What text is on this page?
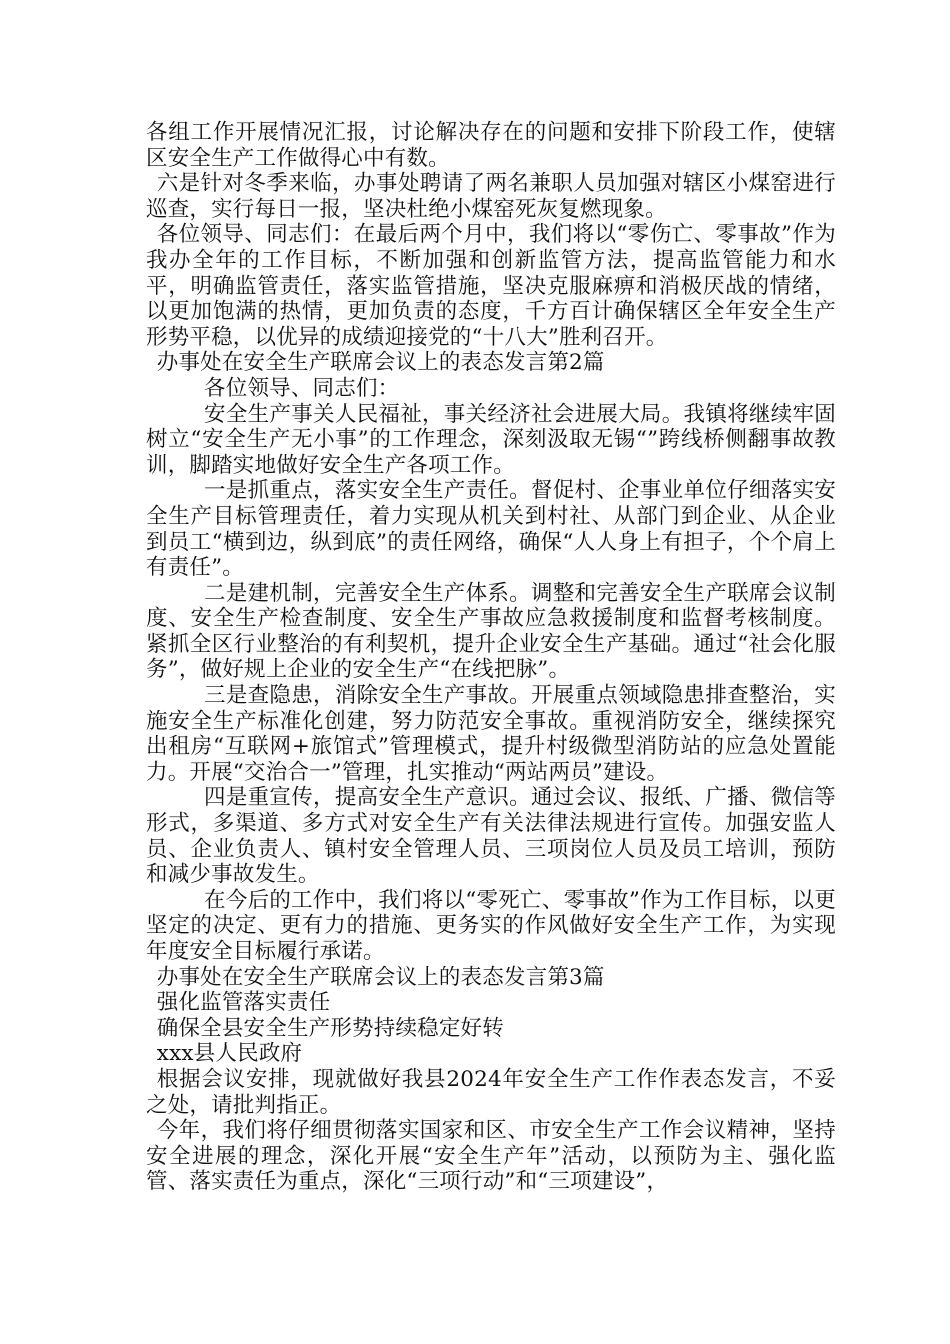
各组工作开展情况汇报，讨论解决存在的问题和安排下阶段工作，使辖区安全生产工作做得心中有数。

六是针对冬季来临，办事处聘请了两名兼职人员加强对辖区小煤窑进行巡查，实行每日一报，坚决杜绝小煤窑死灰复燃现象。

各位领导、同志们：在最后两个月中，我们将以“零伤亡、零事故”作为我办全年的工作目标，不断加强和创新监管方法，提高监管能力和水平，明确监管责任，落实监管措施，坚决克服麻痹和消极厌战的情绪，以更加饱满的热情，更加负责的态度，千方百计确保辖区全年安全生产形势平稳，以优异的成绩迎接党的“十八大”胜利召开。

办事处在安全生产联席会议上的表态发言第2篇

各位领导、同志们：

安全生产事关人民福祉，事关经济社会进展大局。我镇将继续牢固树立“安全生产无小事”的工作理念，深刻汲取无锡“”跨线桥侧翻事故教训，脚踏实地做好安全生产各项工作。

一是抓重点，落实安全生产责任。督促村、企事业单位仔细落实安全生产目标管理责任，着力实现从机关到村社、从部门到企业、从企业到员工“横到边，纵到底”的责任网络，确保“人人身上有担子，个个肩上有责任”。

二是建机制，完善安全生产体系。调整和完善安全生产联席会议制度、安全生产检查制度、安全生产事故应急救援制度和监督考核制度。紧抓全区行业整治的有利契机，提升企业安全生产基础。通过“社会化服务”，做好规上企业的安全生产“在线把脉”。

三是查隐患，消除安全生产事故。开展重点领域隐患排查整治，实施安全生产标准化创建，努力防范安全事故。重视消防安全，继续探究出租房“互联网+旅馆式”管理模式，提升村级微型消防站的应急处置能力。开展“交治合一”管理，扎实推动“两站两员”建设。

四是重宣传，提高安全生产意识。通过会议、报纸、广播、微信等形式，多渠道、多方式对安全生产有关法律法规进行宣传。加强安监人员、企业负责人、镇村安全管理人员、三项岗位人员及员工培训，预防和减少事故发生。

在今后的工作中，我们将以“零死亡、零事故”作为工作目标，以更坚定的决定、更有力的措施、更务实的作风做好安全生产工作，为实现年度安全目标履行承诺。

办事处在安全生产联席会议上的表态发言第3篇

强化监管落实责任

确保全县安全生产形势持续稳定好转

xxx县人民政府

根据会议安排，现就做好我县2024年安全生产工作作表态发言，不妥之处，请批判指正。

今年，我们将仔细贯彻落实国家和区、市安全生产工作会议精神，坚持安全进展的理念，深化开展“安全生产年”活动，以预防为主、强化监管、落实责任为重点，深化“三项行动”和“三项建设”，
